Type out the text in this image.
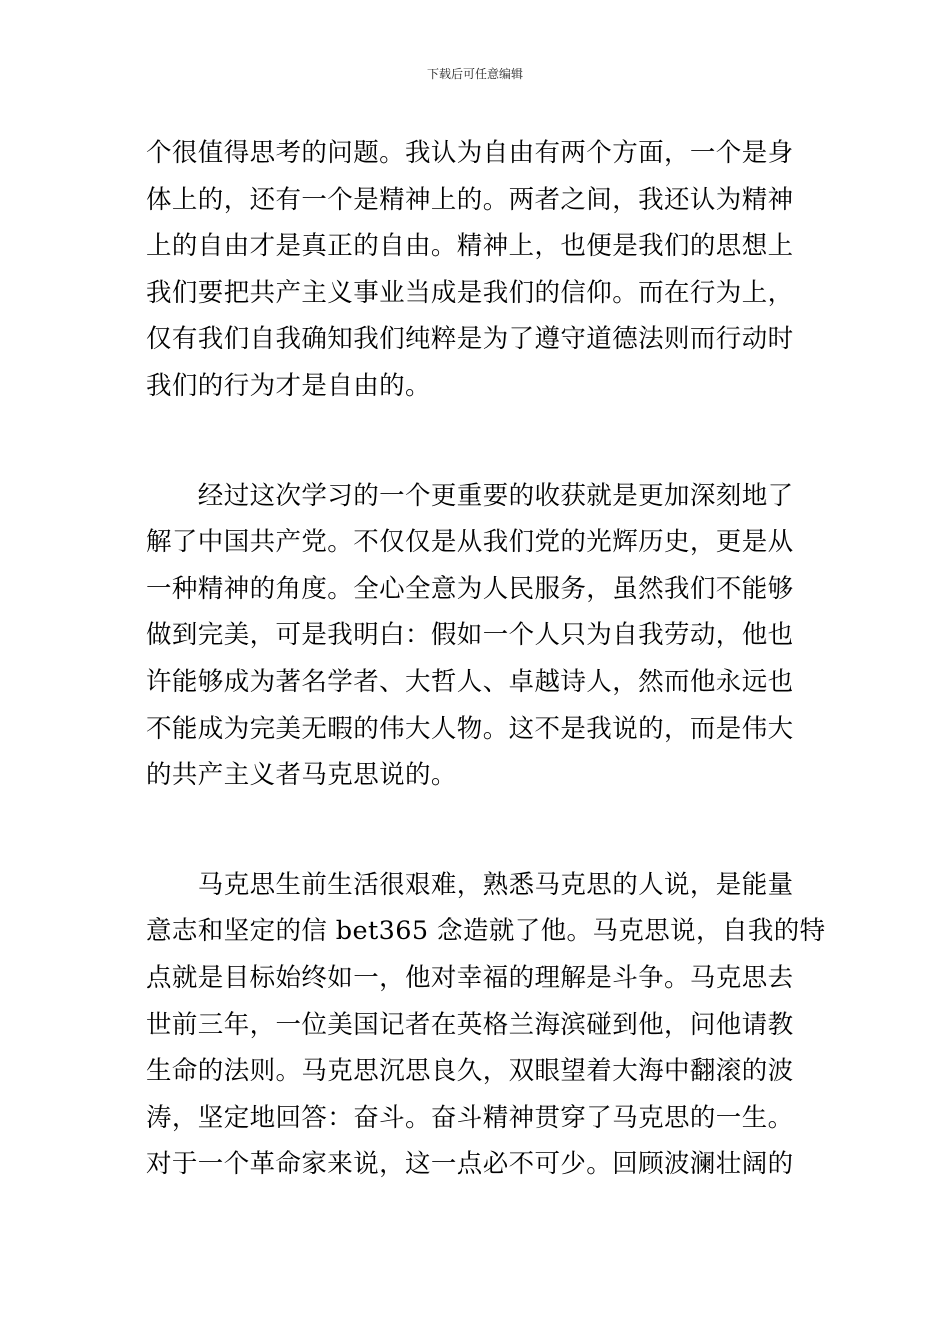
下载后可任意编辑

个很值得思考的问题。我认为自由有两个方面，一个是身
体上的，还有一个是精神上的。两者之间，我还认为精神
上的自由才是真正的自由。精神上，也便是我们的思想上
我们要把共产主义事业当成是我们的信仰。而在行为上，
仅有我们自我确知我们纯粹是为了遵守道德法则而行动时
我们的行为才是自由的。

　　经过这次学习的一个更重要的收获就是更加深刻地了
解了中国共产党。不仅仅是从我们党的光辉历史，更是从
一种精神的角度。全心全意为人民服务，虽然我们不能够
做到完美，可是我明白：假如一个人只为自我劳动，他也
许能够成为著名学者、大哲人、卓越诗人，然而他永远也
不能成为完美无暇的伟大人物。这不是我说的，而是伟大
的共产主义者马克思说的。

　　马克思生前生活很艰难，熟悉马克思的人说，是能量
意志和坚定的信 bet365 念造就了他。马克思说，自我的特
点就是目标始终如一，他对幸福的理解是斗争。马克思去
世前三年，一位美国记者在英格兰海滨碰到他，问他请教
生命的法则。马克思沉思良久，双眼望着大海中翻滚的波
涛，坚定地回答：奋斗。奋斗精神贯穿了马克思的一生。
对于一个革命家来说，这一点必不可少。回顾波澜壮阔的
